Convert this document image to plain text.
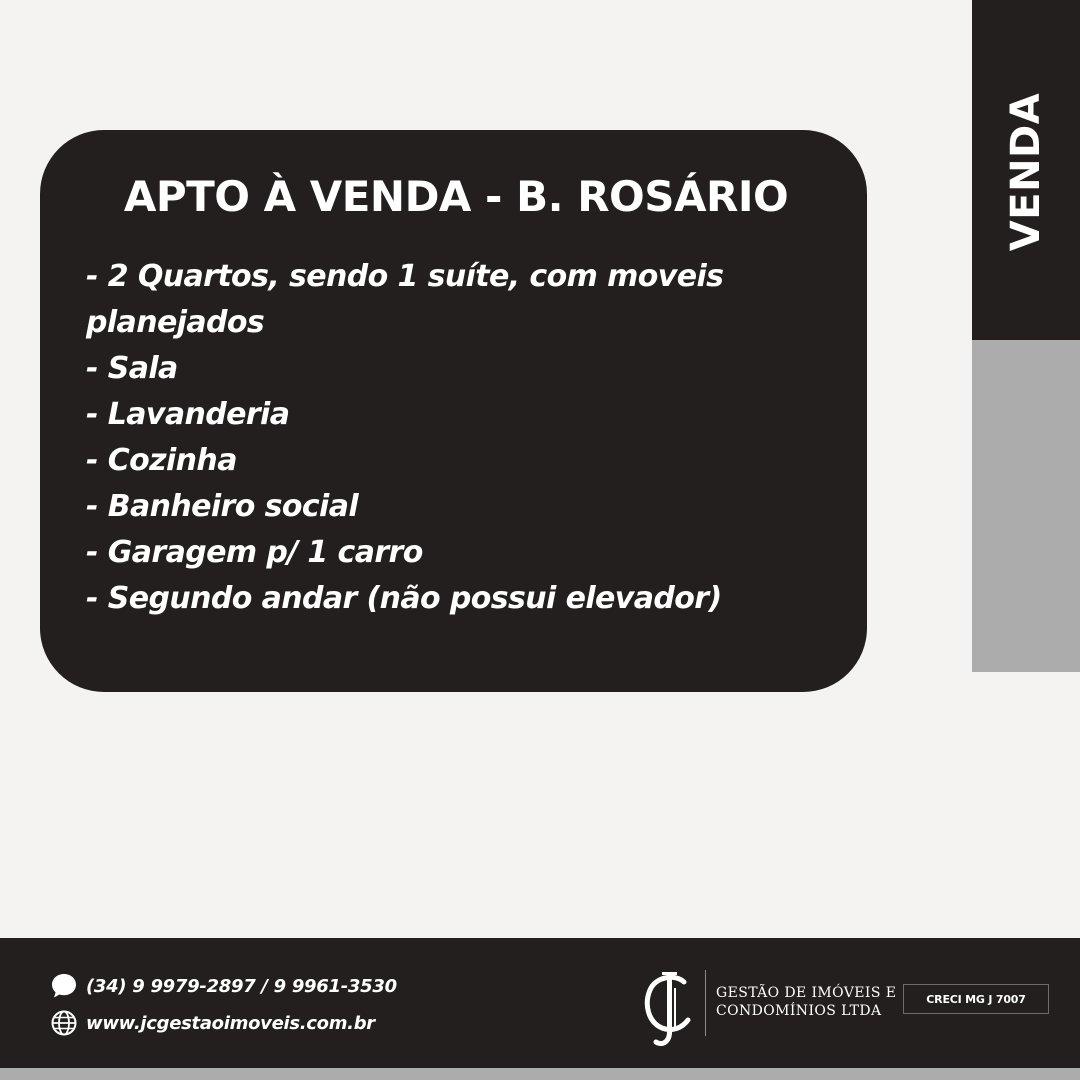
VENDA
APTO À VENDA - B. ROSÁRIO
- 2 Quartos, sendo 1 suíte, com moveis planejados
- Sala
- Lavanderia
- Cozinha
- Banheiro social
- Garagem p/ 1 carro
- Segundo andar (não possui elevador)
(34) 9 9979-2897 / 9 9961-3530
www.jcgestaoimoveis.com.br
GESTÃO DE IMÓVEIS E
CONDOMÍNIOS LTDA
CRECI MG J 7007
